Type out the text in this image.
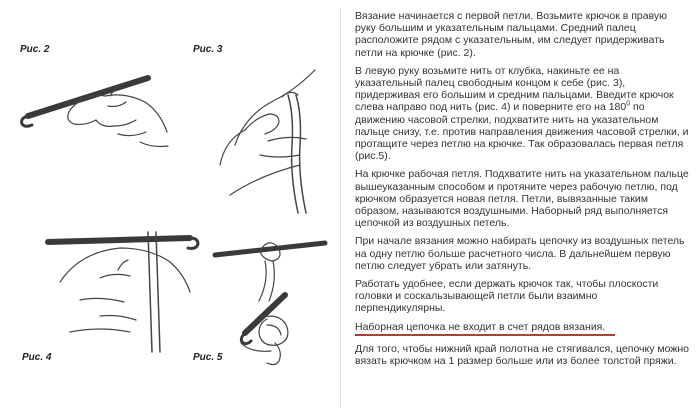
Рис. 2	Рис. 3
Рис. 4	Рис. 5

Вязание начинается с первой петли. Возьмите крючок в правую руку большим и указательным пальцами. Средний палец расположите рядом с указательным, им следует придерживать петли на крючке (рис. 2).

В левую руку возьмите нить от клубка, накиньте ее на указательный палец свободным концом к себе (рис. 3), придерживая его большим и средним пальцами. Введите крючок слева направо под нить (рис. 4) и поверните его на $180^0$ по движению часовой стрелки, подхватите нить на указательном пальце снизу, т.е. против направления движения часовой стрелки, и протащите через петлю на крючке. Так образовалась первая петля (рис.5).

На крючке рабочая петля. Подхватите нить на указательном пальце вышеуказанным способом и протяните через рабочую петлю, под крючком образуется новая петля. Петли, вывязанные таким образом, называются воздушными. Наборный ряд выполняется цепочкой из воздушных петель.

При начале вязания можно набирать цепочку из воздушных петель на одну петлю больше расчетного числа. В дальнейшем первую петлю следует убрать или затянуть.

Работать удобнее, если держать крючок так, чтобы плоскости головки и соскальзывающей петли были взаимно перпендикулярны.

Наборная цепочка не входит в счет рядов вязания.

Для того, чтобы нижний край полотна не стягивался, цепочку можно вязать крючком на 1 размер больше или из более толстой пряжи.
